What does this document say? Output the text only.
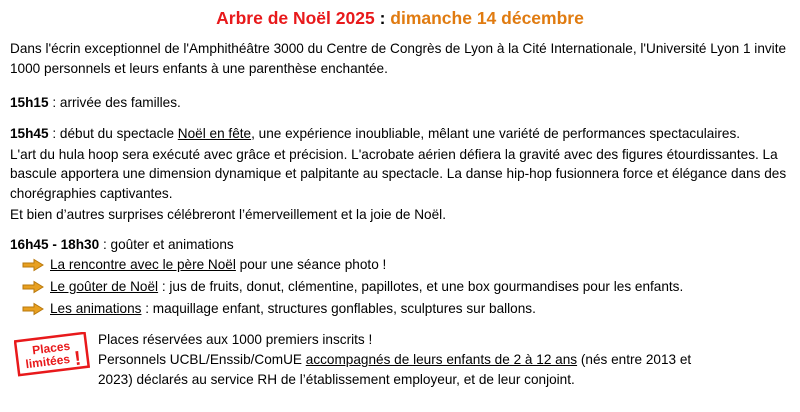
Arbre de Noël 2025 : dimanche 14 décembre

Dans l'écrin exceptionnel de l'Amphithéâtre 3000 du Centre de Congrès de Lyon à la Cité Internationale, l'Université Lyon 1 invite 1000 personnels et leurs enfants à une parenthèse enchantée.

15h15 : arrivée des familles.

15h45 : début du spectacle Noël en fête, une expérience inoubliable, mêlant une variété de performances spectaculaires.

L'art du hula hoop sera exécuté avec grâce et précision. L'acrobate aérien défiera la gravité avec des figures étourdissantes. La bascule apportera une dimension dynamique et palpitante au spectacle. La danse hip-hop fusionnera force et élégance dans des chorégraphies captivantes.

Et bien d’autres surprises célébreront l’émerveillement et la joie de Noël.

16h45 - 18h30 : goûter et animations

La rencontre avec le père Noël pour une séance photo !
Le goûter de Noël : jus de fruits, donut, clémentine, papillotes, et une box gourmandises pour les enfants.
Les animations : maquillage enfant, structures gonflables, sculptures sur ballons.
Places
limitées !

Places réservées aux 1000 premiers inscrits !

Personnels UCBL/Enssib/ComUE accompagnés de leurs enfants de 2 à 12 ans (nés entre 2013 et

2023) déclarés au service RH de l’établissement employeur, et de leur conjoint.
